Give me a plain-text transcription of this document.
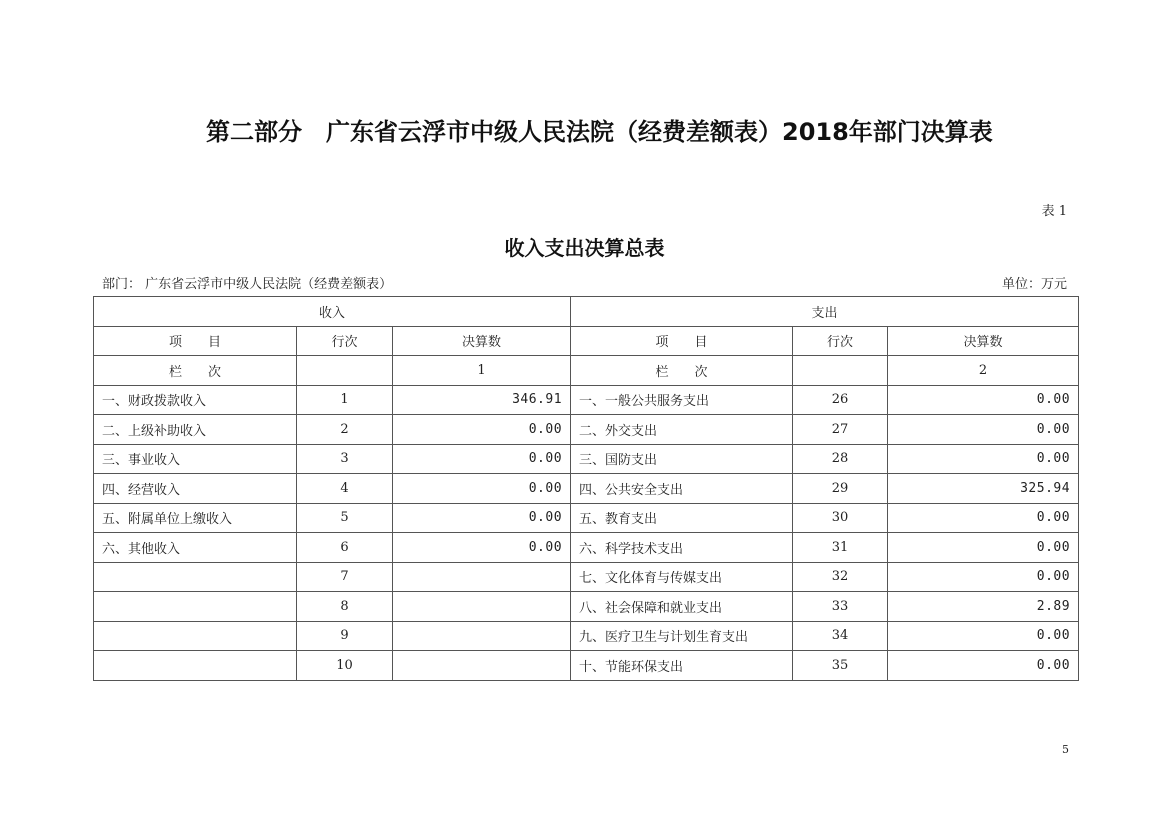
第二部分　广东省云浮市中级人民法院（经费差额表）2018年部门决算表
表 1
收入支出决算总表
部门： 广东省云浮市中级人民法院（经费差额表）	单位：万元
收入			支出		
项　　目	行次	决算数	项　　目	行次	决算数
栏　　次		1	栏　　次		2
一、财政拨款收入	1	346.91	一、一般公共服务支出	26	0.00
二、上级补助收入	2	0.00	二、外交支出	27	0.00
三、事业收入	3	0.00	三、国防支出	28	0.00
四、经营收入	4	0.00	四、公共安全支出	29	325.94
五、附属单位上缴收入	5	0.00	五、教育支出	30	0.00
六、其他收入	6	0.00	六、科学技术支出	31	0.00
	7		七、文化体育与传媒支出	32	0.00
	8		八、社会保障和就业支出	33	2.89
	9		九、医疗卫生与计划生育支出	34	0.00
	10		十、节能环保支出	35	0.00
5
